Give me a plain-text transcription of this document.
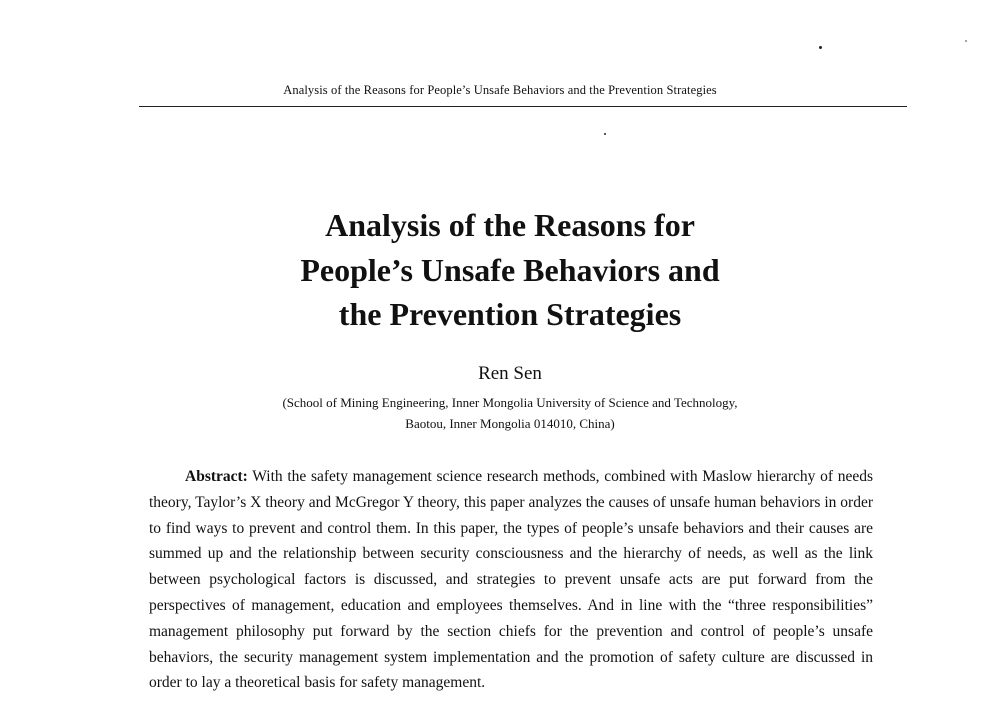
Analysis of the Reasons for People’s Unsafe Behaviors and the Prevention Strategies
Analysis of the Reasons for
People’s Unsafe Behaviors and
the Prevention Strategies
Ren Sen
(School of Mining Engineering, Inner Mongolia University of Science and Technology,
Baotou, Inner Mongolia 014010, China)

Abstract: With the safety management science research methods, combined with Maslow hierarchy of needs theory, Taylor’s X theory and McGregor Y theory, this paper analyzes the causes of unsafe human behaviors in order to find ways to prevent and control them. In this paper, the types of people’s unsafe behaviors and their causes are summed up and the relationship between security consciousness and the hierarchy of needs, as well as the link between psychological factors is discussed, and strategies to prevent unsafe acts are put forward from the perspectives of management, education and employees themselves. And in line with the “three responsibilities” management philosophy put forward by the section chiefs for the prevention and control of people’s unsafe behaviors, the security management system implementation and the promotion of safety culture are discussed in order to lay a theoretical basis for safety management.
